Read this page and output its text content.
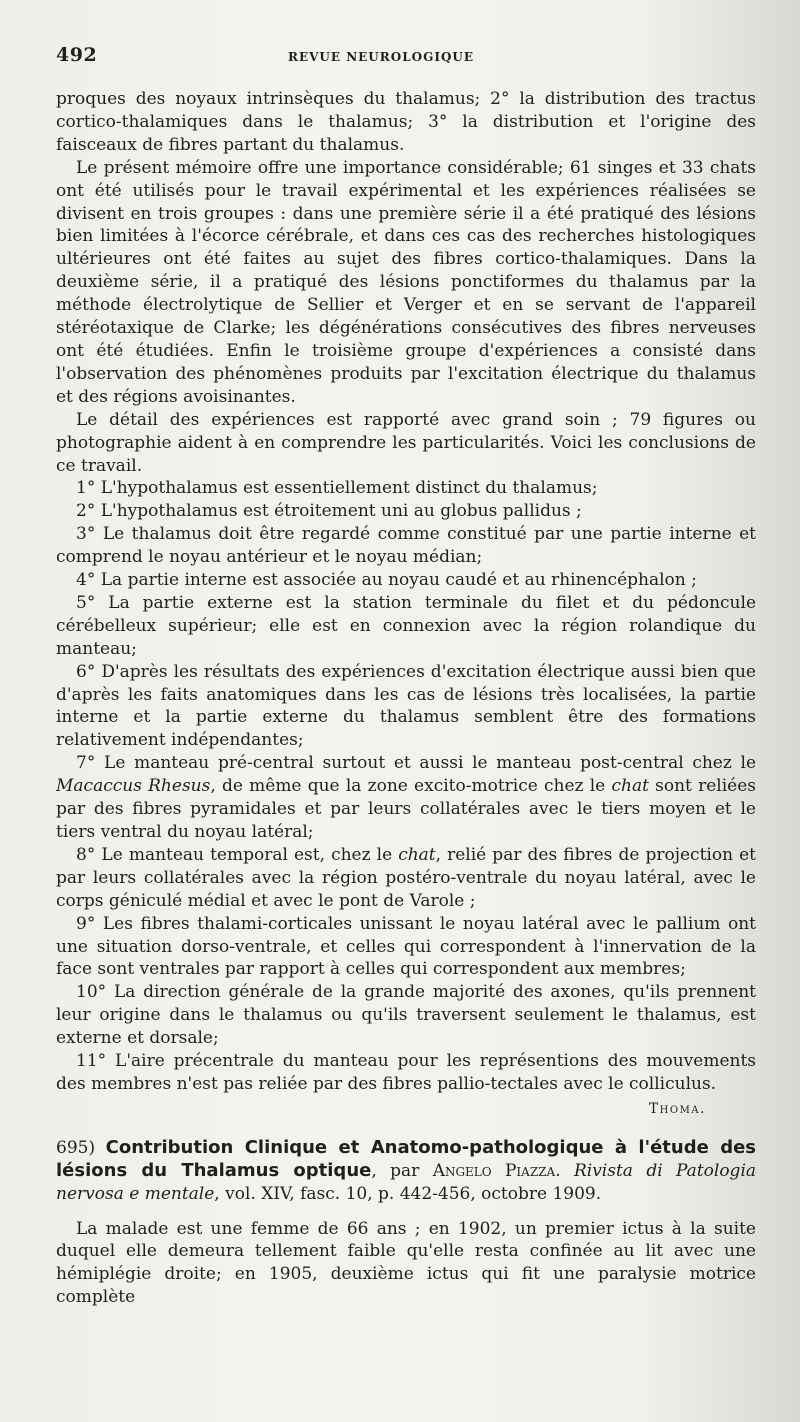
492	REVUE NEUROLOGIQUE

proques des noyaux intrinsèques du thalamus; 2° la distribution des tractus cortico-thalamiques dans le thalamus; 3° la distribution et l'origine des faisceaux de fibres partant du thalamus.

Le présent mémoire offre une importance considérable; 61 singes et 33 chats ont été utilisés pour le travail expérimental et les expériences réalisées se divisent en trois groupes : dans une première série il a été pratiqué des lésions bien limitées à l'écorce cérébrale, et dans ces cas des recherches histologiques ultérieures ont été faites au sujet des fibres cortico-thalamiques. Dans la deuxième série, il a pratiqué des lésions ponctiformes du thalamus par la méthode électrolytique de Sellier et Verger et en se servant de l'appareil stéréotaxique de Clarke; les dégénérations consécutives des fibres nerveuses ont été étudiées. Enfin le troisième groupe d'expériences a consisté dans l'observation des phénomènes produits par l'excitation électrique du thalamus et des régions avoisinantes.

Le détail des expériences est rapporté avec grand soin ; 79 figures ou photographie aident à en comprendre les particularités. Voici les conclusions de ce travail.

1° L'hypothalamus est essentiellement distinct du thalamus;

2° L'hypothalamus est étroitement uni au globus pallidus ;

3° Le thalamus doit être regardé comme constitué par une partie interne et comprend le noyau antérieur et le noyau médian;

4° La partie interne est associée au noyau caudé et au rhinencéphalon ;

5° La partie externe est la station terminale du filet et du pédoncule cérébelleux supérieur; elle est en connexion avec la région rolandique du manteau;

6° D'après les résultats des expériences d'excitation électrique aussi bien que d'après les faits anatomiques dans les cas de lésions très localisées, la partie interne et la partie externe du thalamus semblent être des formations relativement indépendantes;

7° Le manteau pré-central surtout et aussi le manteau post-central chez le Macaccus Rhesus, de même que la zone excito-motrice chez le chat sont reliées par des fibres pyramidales et par leurs collatérales avec le tiers moyen et le tiers ventral du noyau latéral;

8° Le manteau temporal est, chez le chat, relié par des fibres de projection et par leurs collatérales avec la région postéro-ventrale du noyau latéral, avec le corps géniculé médial et avec le pont de Varole ;

9° Les fibres thalami-corticales unissant le noyau latéral avec le pallium ont une situation dorso-ventrale, et celles qui correspondent à l'innervation de la face sont ventrales par rapport à celles qui correspondent aux membres;

10° La direction générale de la grande majorité des axones, qu'ils prennent leur origine dans le thalamus ou qu'ils traversent seulement le thalamus, est externe et dorsale;

11° L'aire précentrale du manteau pour les représentions des mouvements des membres n'est pas reliée par des fibres pallio-tectales avec le colliculus.

Thoma.

695) Contribution Clinique et Anatomo-pathologique à l'étude des lésions du Thalamus optique, par Angelo Piazza. Rivista di Patologia nervosa e mentale, vol. XIV, fasc. 10, p. 442-456, octobre 1909.

La malade est une femme de 66 ans ; en 1902, un premier ictus à la suite duquel elle demeura tellement faible qu'elle resta confinée au lit avec une hémiplégie droite; en 1905, deuxième ictus qui fit une paralysie motrice complète
